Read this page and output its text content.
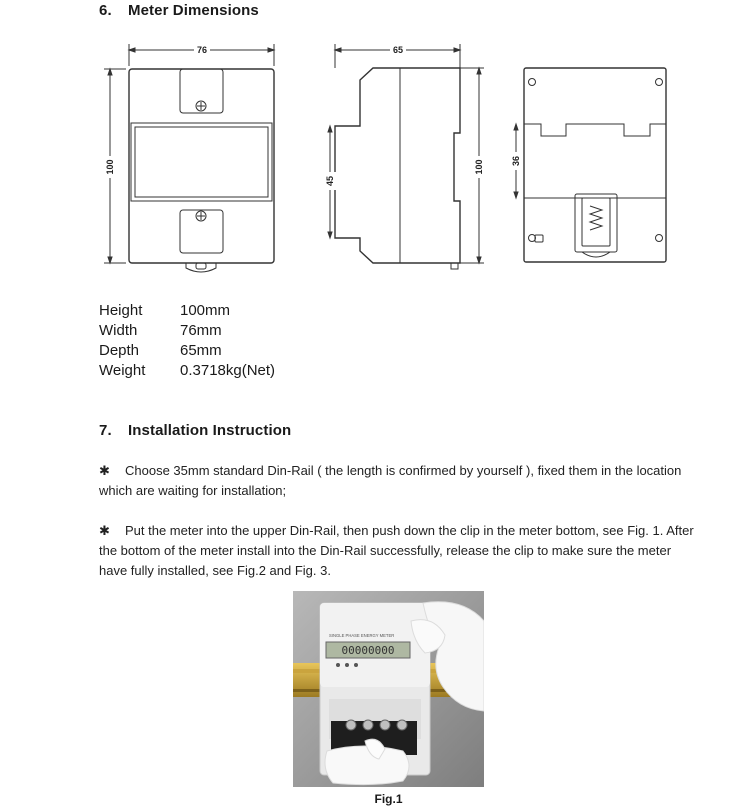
6. Meter Dimensions
76
100
65
45
100	36
Height	100mm
Width	76mm
Depth	65mm
Weight	0.3718kg(Net)
7. Installation Instruction
✱ Choose 35mm standard Din-Rail ( the length is confirmed by yourself ), fixed them in the location which are waiting for installation;
✱ Put the meter into the upper Din-Rail, then push down the clip in the meter bottom, see Fig. 1. After the bottom of the meter install into the Din-Rail successfully, release the clip to make sure the meter have fully installed, see Fig.2 and Fig. 3.
SINGLE PHASE ENERGY METER
00000000
Fig.1
